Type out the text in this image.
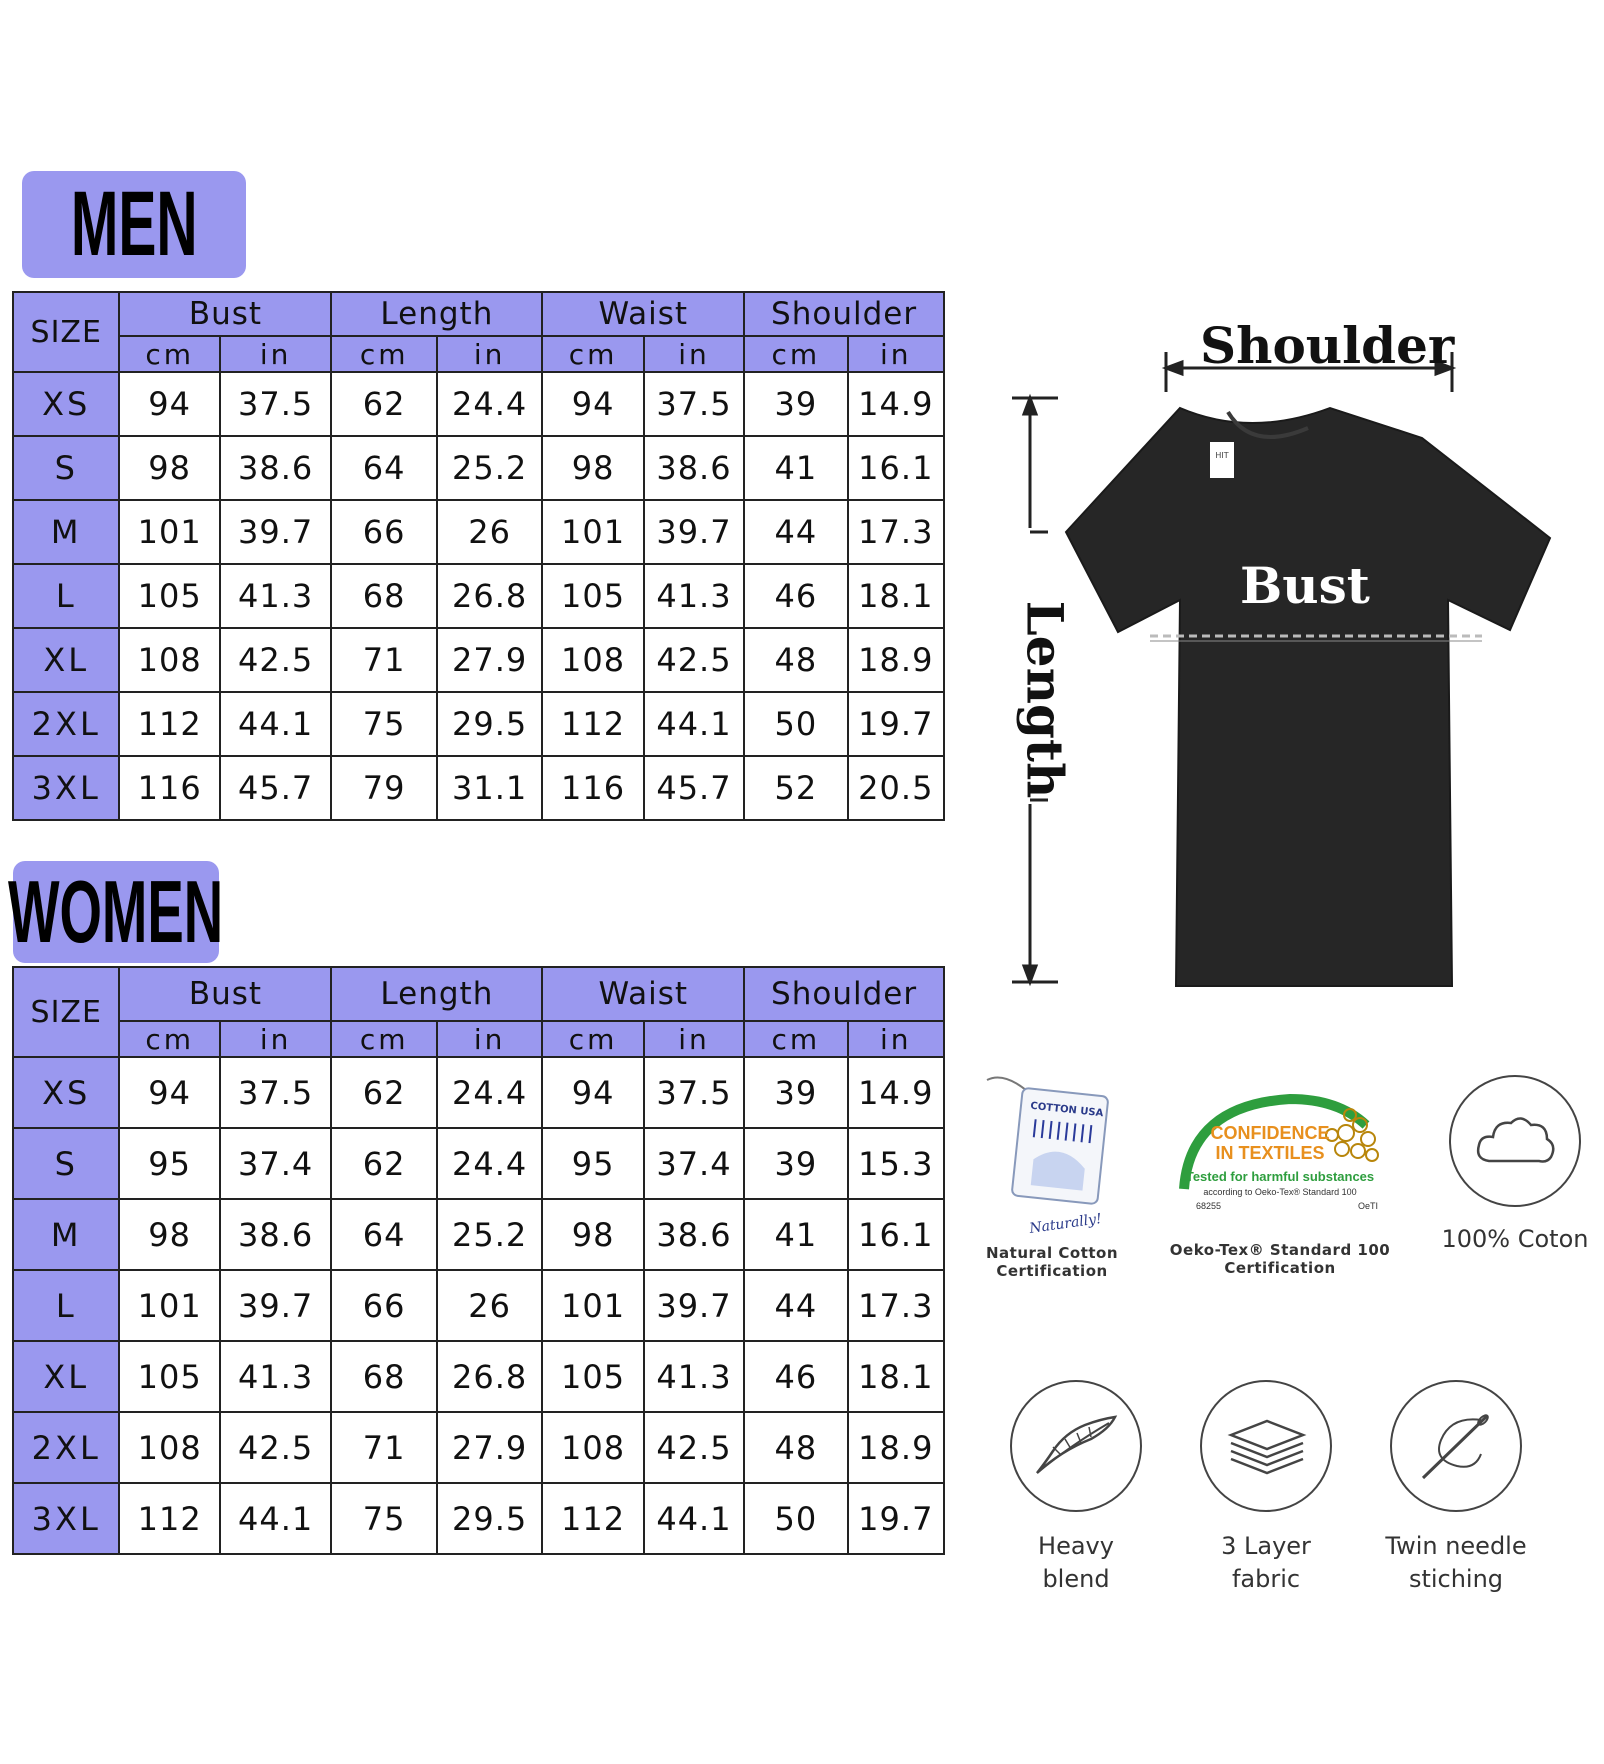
MEN
SIZE	Bust		Length		Waist		Shoulder	
	cm	in	cm	in	cm	in	cm	in
XS	94	37.5	62	24.4	94	37.5	39	14.9
S	98	38.6	64	25.2	98	38.6	41	16.1
M	101	39.7	66	26	101	39.7	44	17.3
L	105	41.3	68	26.8	105	41.3	46	18.1
XL	108	42.5	71	27.9	108	42.5	48	18.9
2XL	112	44.1	75	29.5	112	44.1	50	19.7
3XL	116	45.7	79	31.1	116	45.7	52	20.5
WOMEN
SIZE	Bust		Length		Waist		Shoulder	
	cm	in	cm	in	cm	in	cm	in
XS	94	37.5	62	24.4	94	37.5	39	14.9
S	95	37.4	62	24.4	95	37.4	39	15.3
M	98	38.6	64	25.2	98	38.6	41	16.1
L	101	39.7	66	26	101	39.7	44	17.3
XL	105	41.3	68	26.8	105	41.3	46	18.1
2XL	108	42.5	71	27.9	108	42.5	48	18.9
3XL	112	44.1	75	29.5	112	44.1	50	19.7
HIT
Shoulder
Bust
Length
COTTON USA
Naturally!
Natural Cotton
Certification
CONFIDENCE
IN TEXTILES
Tested for harmful substances
according to Oeko-Tex® Standard 100
68255	OeTI
Oeko-Tex® Standard 100
Certification
100% Coton
Heavy
blend
3 Layer
fabric
Twin needle
stiching
